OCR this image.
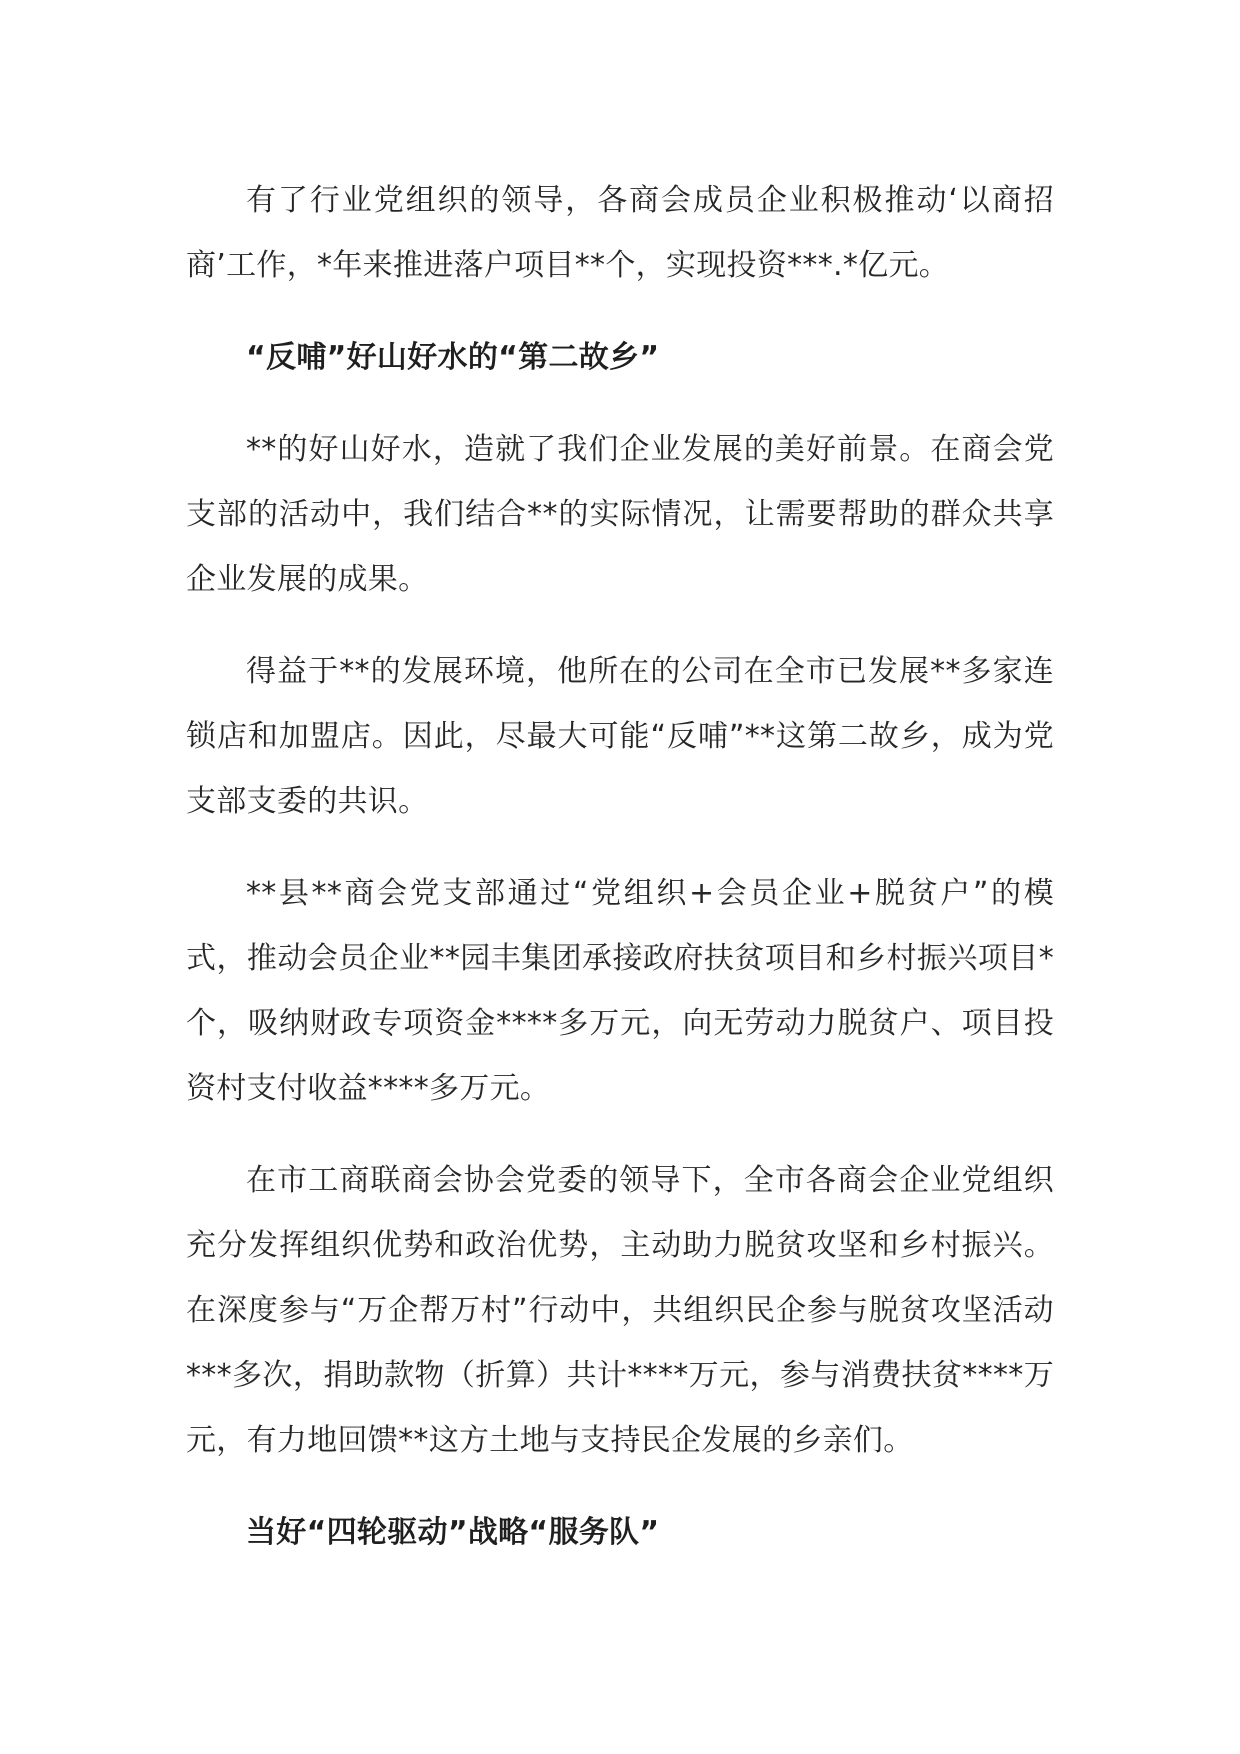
有了行业党组织的领导，各商会成员企业积极推动‘以商招商’工作，*年来推进落户项目**个，实现投资***.*亿元。

“反哺”好山好水的“第二故乡”

**的好山好水，造就了我们企业发展的美好前景。在商会党支部的活动中，我们结合**的实际情况，让需要帮助的群众共享企业发展的成果。

得益于**的发展环境，他所在的公司在全市已发展**多家连锁店和加盟店。因此，尽最大可能“反哺”**这第二故乡，成为党支部支委的共识。

**县**商会党支部通过“党组织+会员企业+脱贫户”的模式，推动会员企业**园丰集团承接政府扶贫项目和乡村振兴项目*个，吸纳财政专项资金****多万元，向无劳动力脱贫户、项目投资村支付收益****多万元。

在市工商联商会协会党委的领导下，全市各商会企业党组织充分发挥组织优势和政治优势，主动助力脱贫攻坚和乡村振兴。在深度参与“万企帮万村”行动中，共组织民企参与脱贫攻坚活动***多次，捐助款物（折算）共计****万元，参与消费扶贫****万元，有力地回馈**这方土地与支持民企发展的乡亲们。

当好“四轮驱动”战略“服务队”
